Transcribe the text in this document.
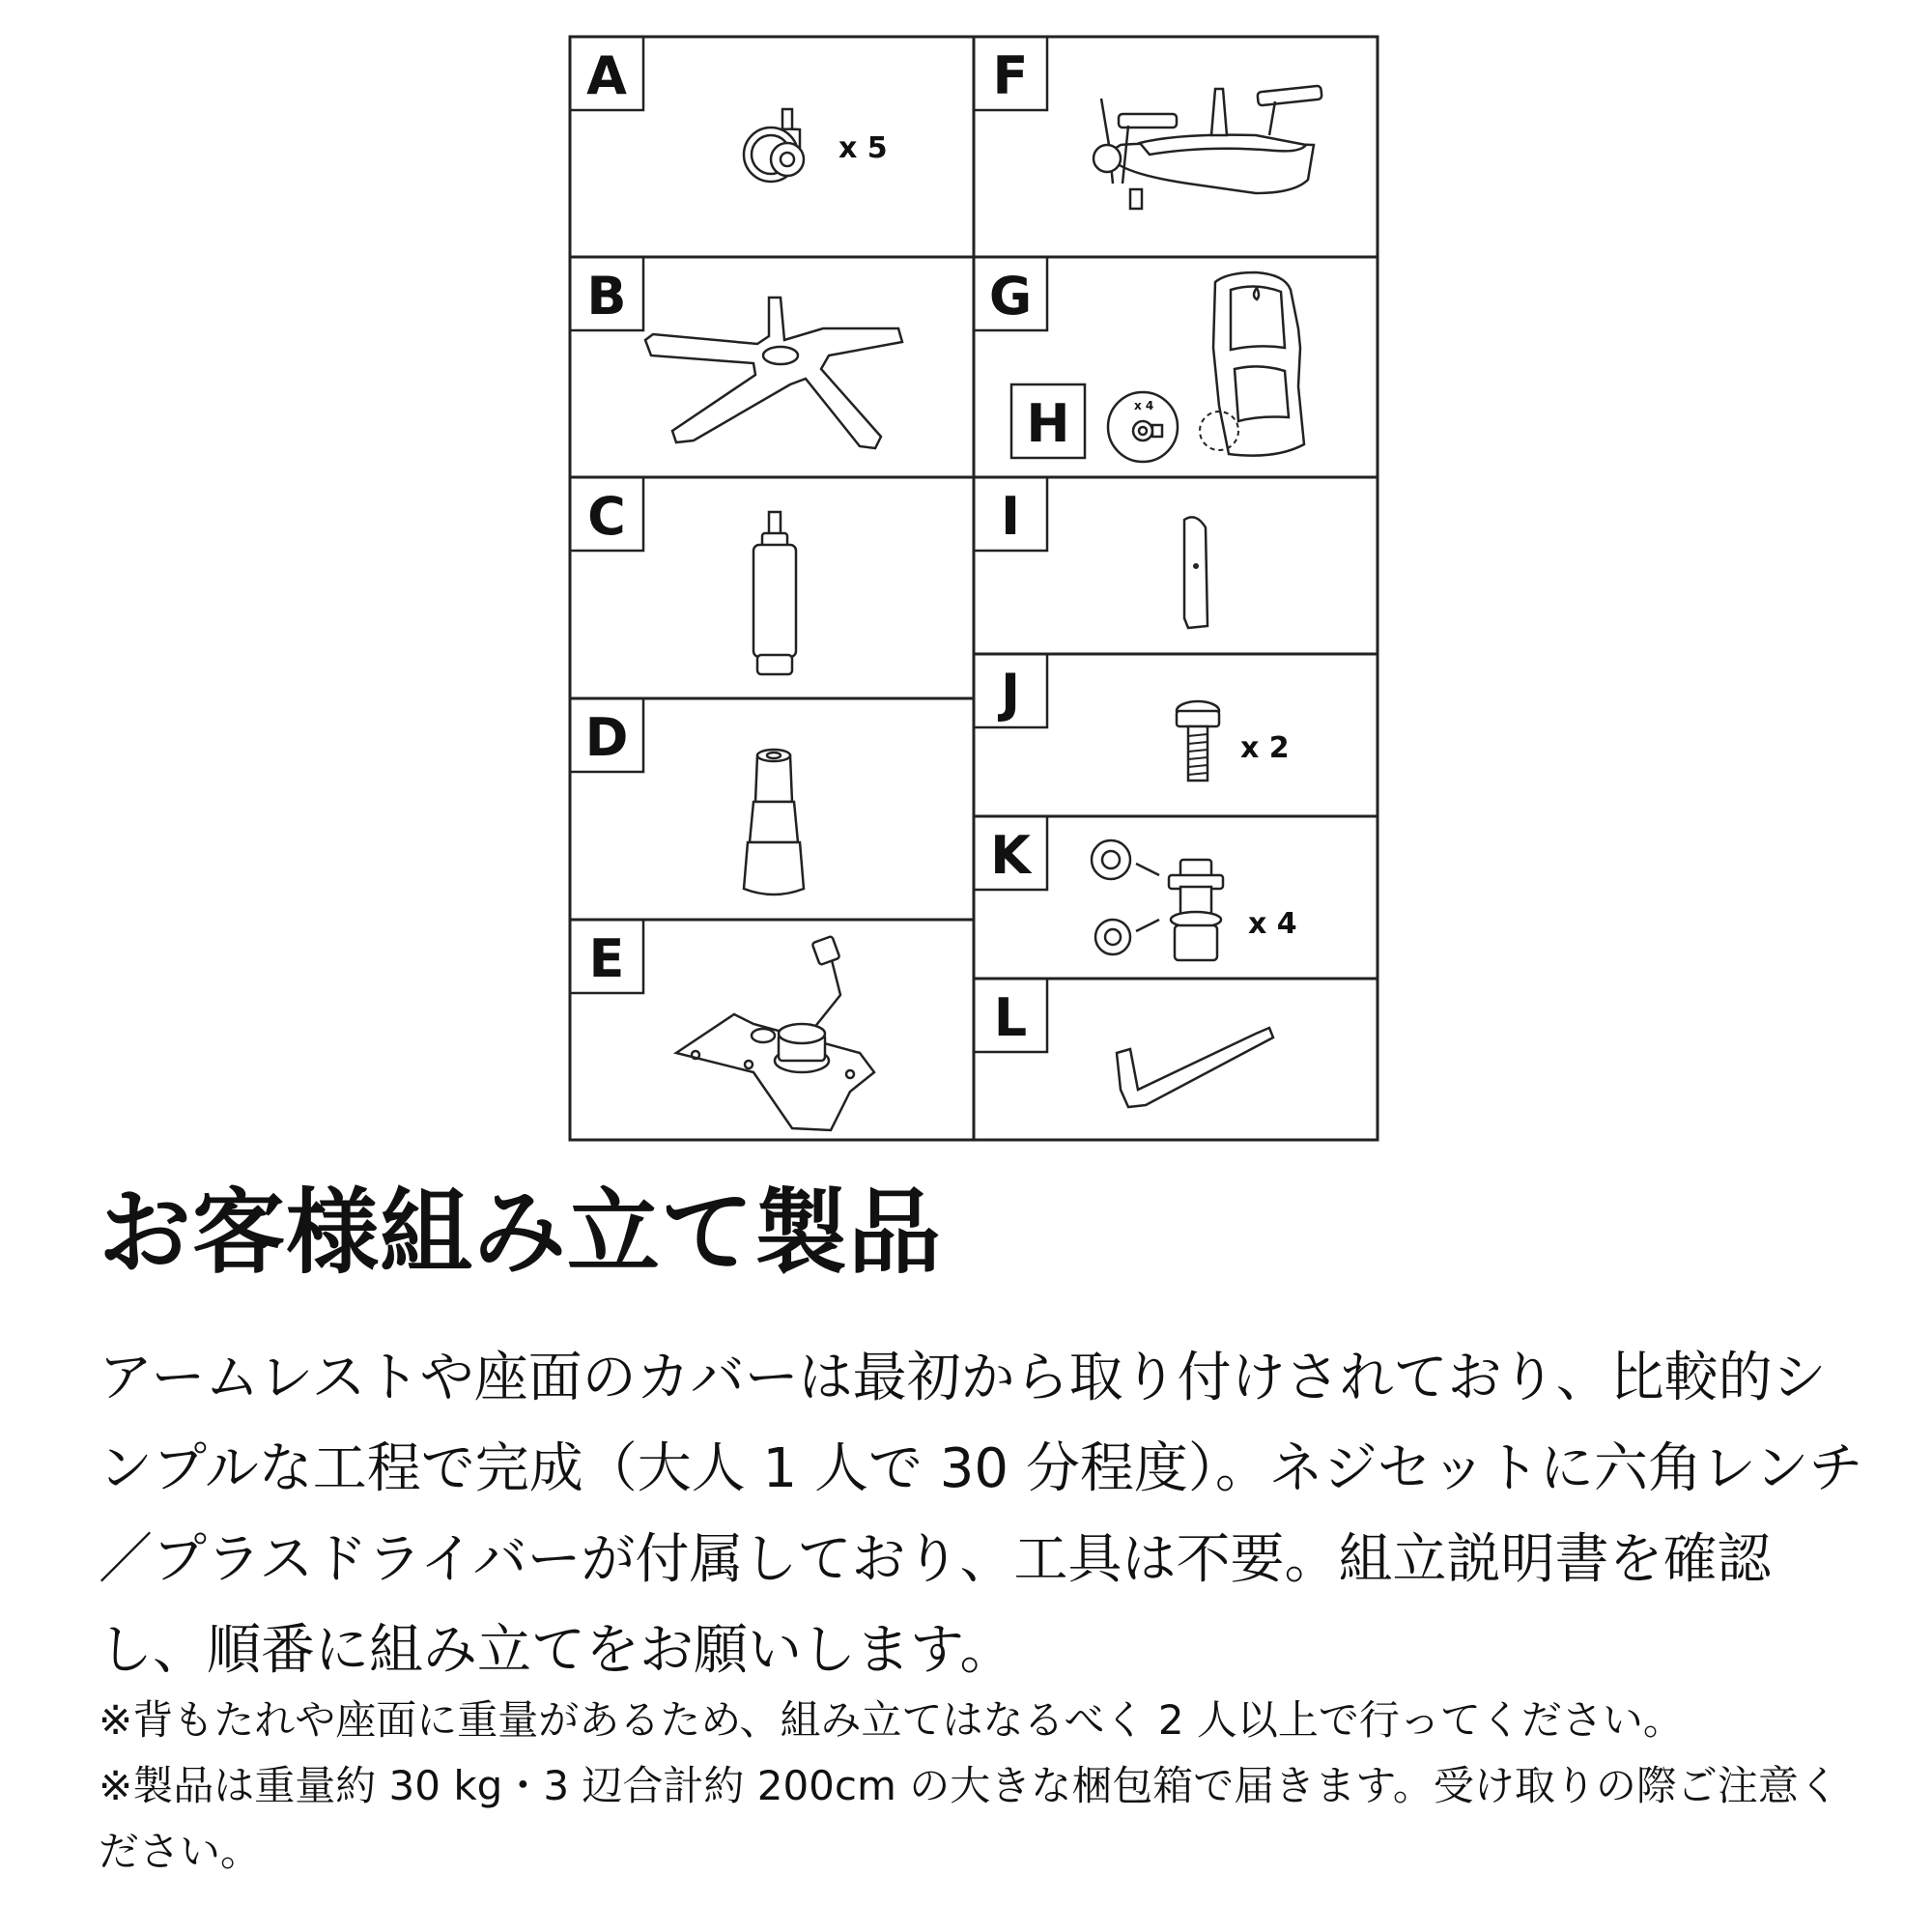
A
B
C
D
E
F
G
H
I
J
K
L
x 5
x 4
x 2
x 4
お客様組み立て製品

アームレストや座面のカバーは最初から取り付けされており、比較的シンプルな工程で完成（大人 1 人で 30 分程度）。ネジセットに六角レンチ／プラスドライバーが付属しており、工具は不要。組立説明書を確認し、順番に組み立てをお願いします。

※背もたれや座面に重量があるため、組み立てはなるべく 2 人以上で行ってください。

※製品は重量約 30 kg・3 辺合計約 200cm の大きな梱包箱で届きます。受け取りの際ご注意ください。
